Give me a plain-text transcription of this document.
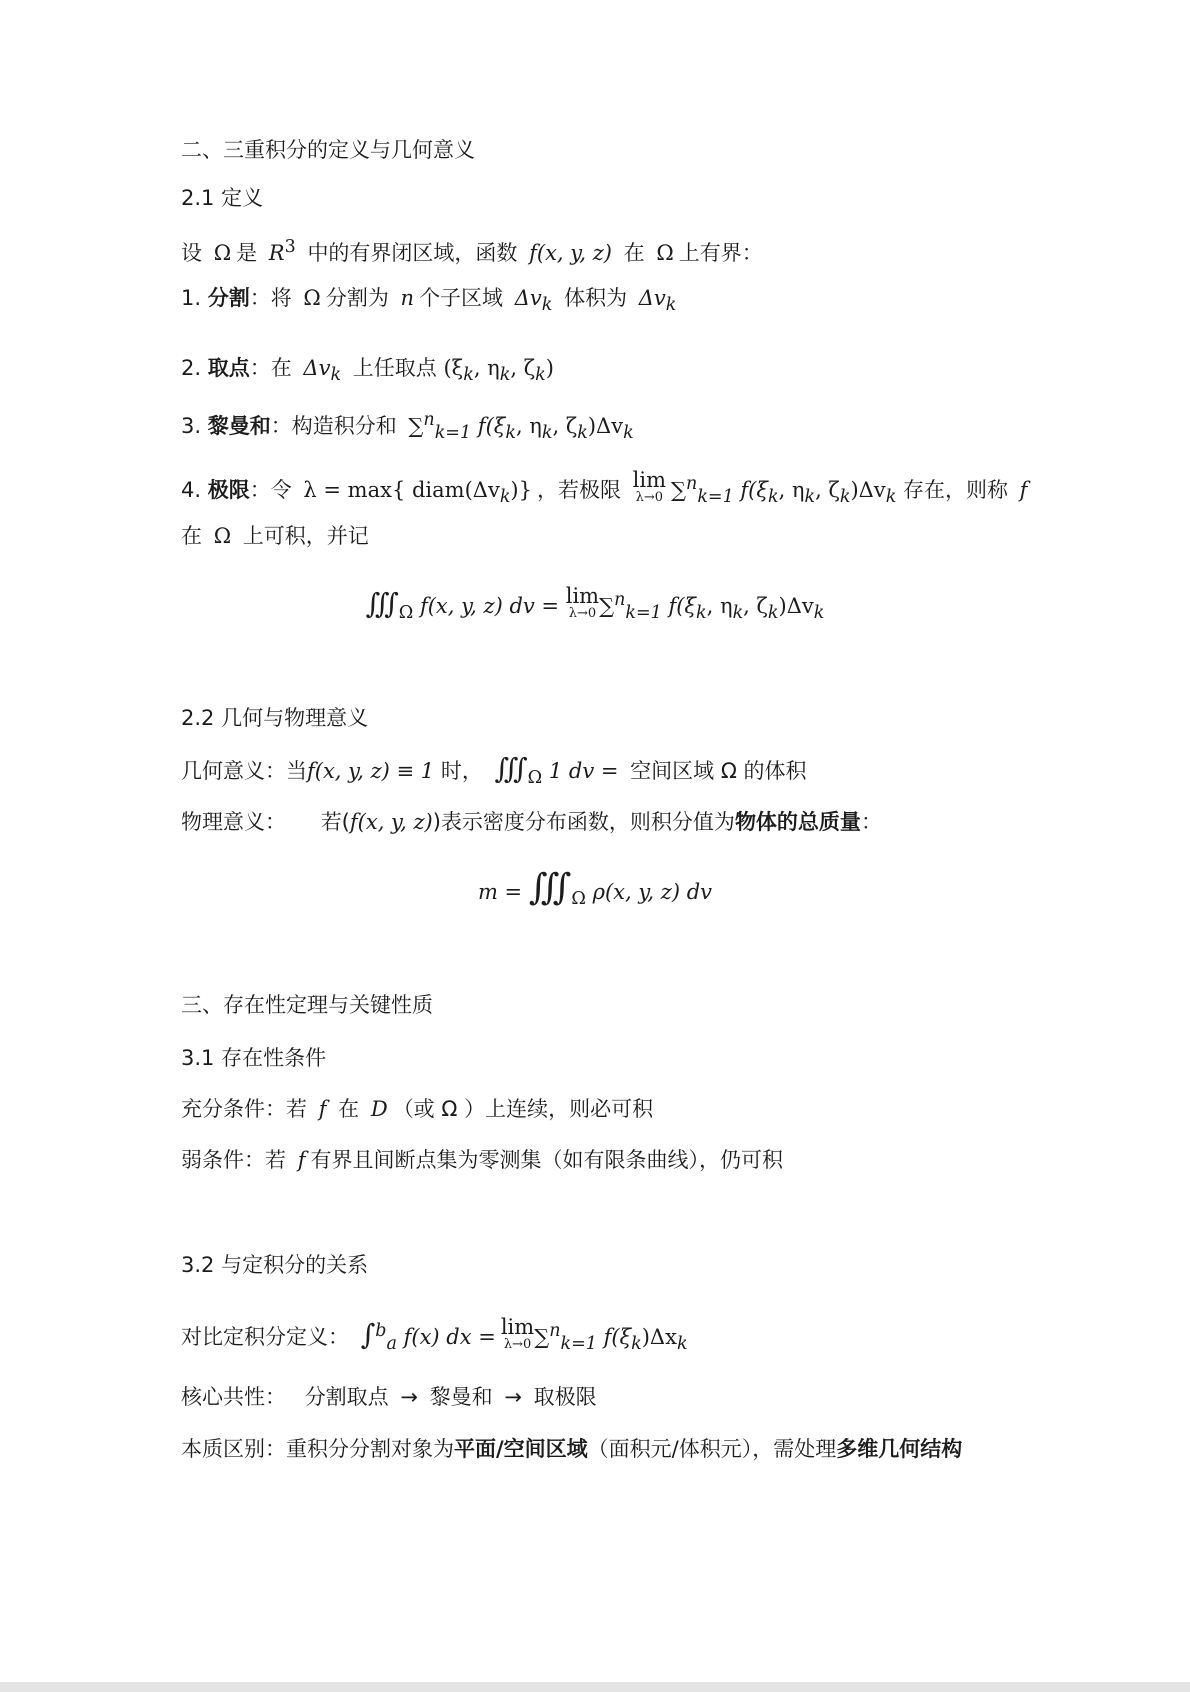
二、三重积分的定义与几何意义
2.1 定义
设 Ω 是 $R^3$ 中的有界闭区域，函数 f(x, y, z) 在 Ω 上有界：
1. 分割：将 Ω 分割为 n 个子区域 $\Delta v_k$ 体积为 $\Delta v_k$
2. 取点：在 $\Delta v_k$ 上任取点 ($\xi_k$, $\eta_k$, $\zeta_k$)
3. 黎曼和：构造积分和 ∑$^n_{k=1}$ $f(\xi_k$, $\eta_k$, $\zeta_k)\Delta v_k$
4. 极限：令 λ = max{ $diam(\Delta v_k)$} ，若极限 lim
λ→0 ∑$^n_{k=1}$ $f(\xi_k$, $\eta_k$, $\zeta_k)\Delta v_k$ 存在，则称 f
在 Ω 上可积，并记
$∭_\Omega$ f(x, y, z) dv = lim
λ→0 ∑$^n_{k=1}$ $f(\xi_k$, $\eta_k$, $\zeta_k)\Delta v_k$
2.2 几何与物理意义
几何意义：当f(x, y, z) ≡ 1 时， $∭_\Omega$ 1 dv = 空间区域 Ω 的体积
物理意义： 若(f(x, y, z))表示密度分布函数，则积分值为物体的总质量：
$m = ∭_\Omega$ ρ(x, y, z) dv
三、存在性定理与关键性质
3.1 存在性条件
充分条件：若 f 在 D （或 Ω ）上连续，则必可积
弱条件：若 f 有界且间断点集为零测集（如有限条曲线），仍可积
3.2 与定积分的关系
对比定积分定义： ∫$^b_a$ f(x) dx = lim
λ→0 ∑$^n_{k=1}$ $f(\xi_k)\Delta x_k$
核心共性： 分割取点 → 黎曼和 → 取极限
本质区别：重积分分割对象为平面/空间区域（面积元/体积元），需处理多维几何结构
